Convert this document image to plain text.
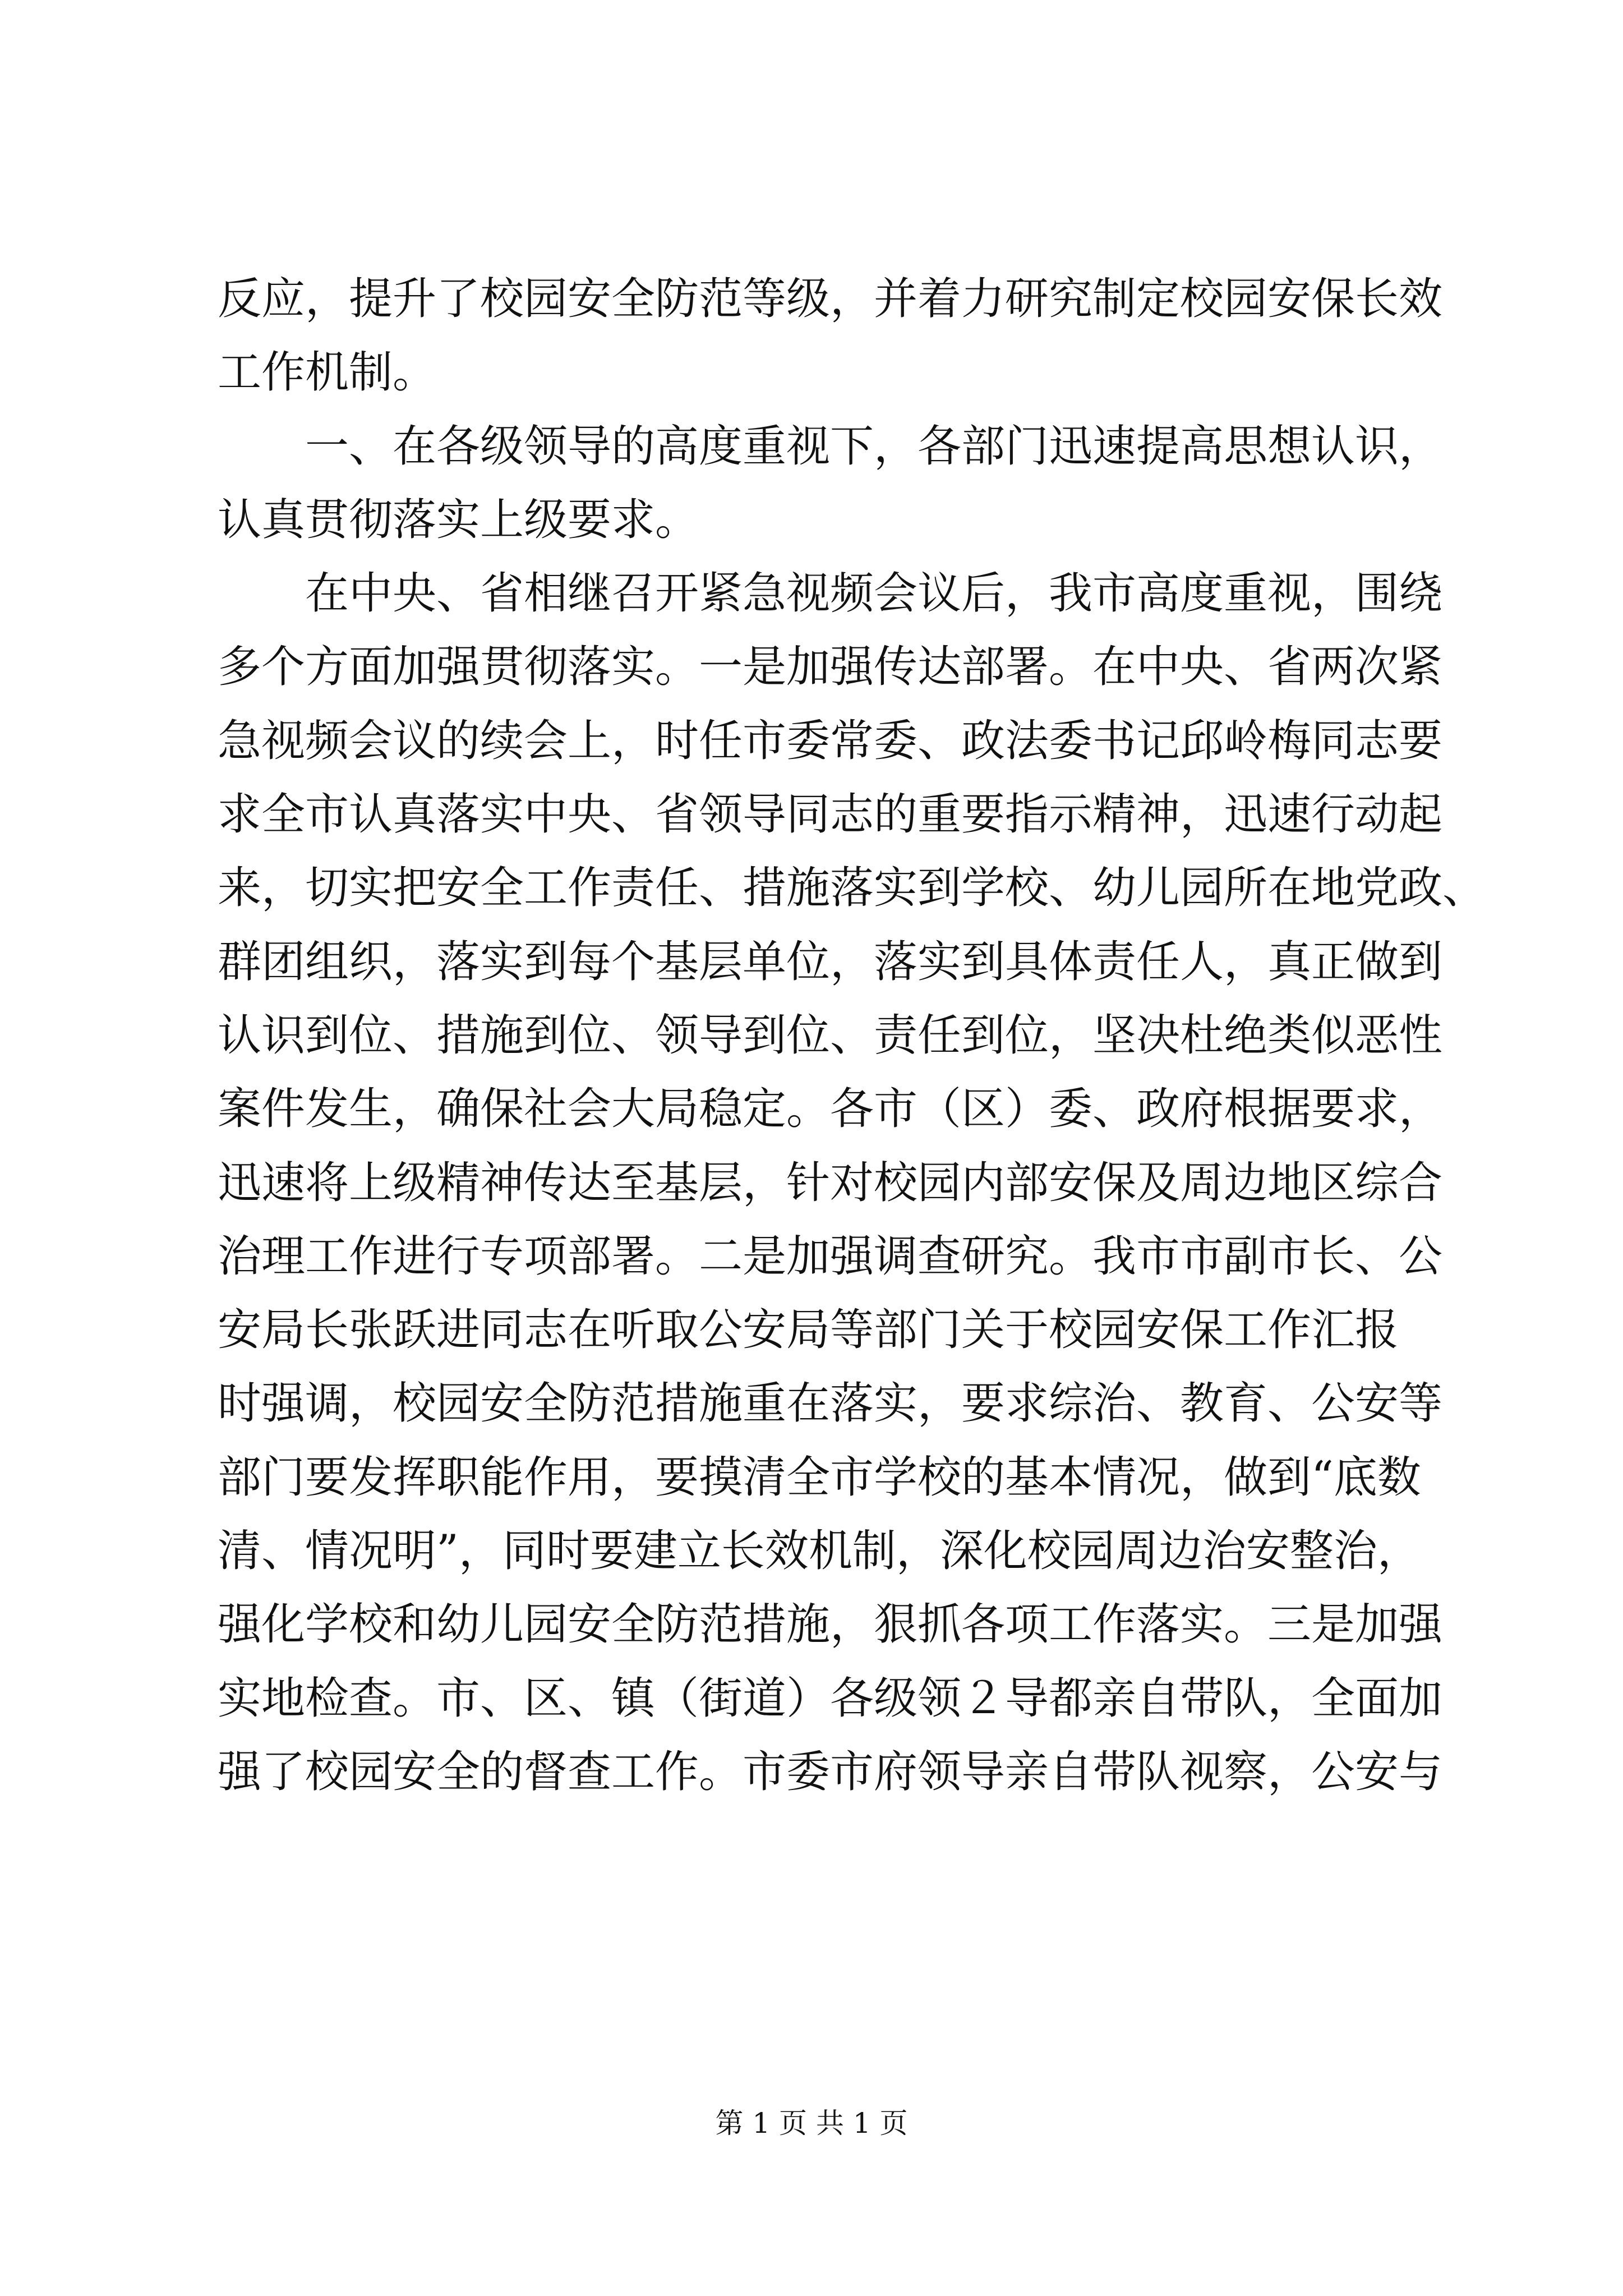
反应，提升了校园安全防范等级，并着力研究制定校园安保长效
工作机制。
一、在各级领导的高度重视下，各部门迅速提高思想认识，
认真贯彻落实上级要求。
在中央、省相继召开紧急视频会议后，我市高度重视，围绕
多个方面加强贯彻落实。一是加强传达部署。在中央、省两次紧
急视频会议的续会上，时任市委常委、政法委书记邱岭梅同志要
求全市认真落实中央、省领导同志的重要指示精神，迅速行动起
来，切实把安全工作责任、措施落实到学校、幼儿园所在地党政、
群团组织，落实到每个基层单位，落实到具体责任人，真正做到
认识到位、措施到位、领导到位、责任到位，坚决杜绝类似恶性
案件发生，确保社会大局稳定。各市（区）委、政府根据要求，
迅速将上级精神传达至基层，针对校园内部安保及周边地区综合
治理工作进行专项部署。二是加强调查研究。我市市副市长、公
安局长张跃进同志在听取公安局等部门关于校园安保工作汇报
时强调，校园安全防范措施重在落实，要求综治、教育、公安等
部门要发挥职能作用，要摸清全市学校的基本情况，做到“底数
清、情况明”，同时要建立长效机制，深化校园周边治安整治，
强化学校和幼儿园安全防范措施，狠抓各项工作落实。三是加强
实地检查。市、区、镇（街道）各级领２导都亲自带队，全面加
强了校园安全的督查工作。市委市府领导亲自带队视察，公安与
第 1 页 共 1 页
